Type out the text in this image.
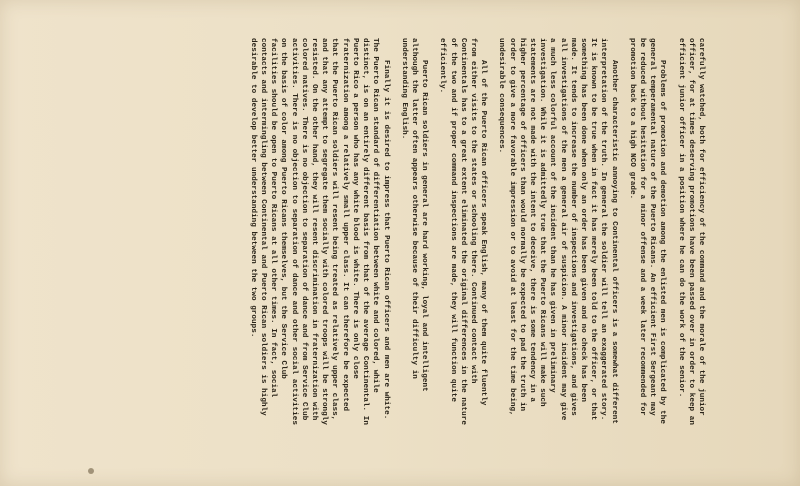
carefully watched, both for efficiency of the command and the morale of the junior officer, for at times deserving promotions have been passed over in order to keep an efficient junior officer in a position where he can do the work of the senior.

Problems of promotion and demotion among the enlisted men is complicated by the general temperamental nature of the Puerto Ricans. An efficient First Sergeant may be reduced without hesitation for a minor offense and a week later recommended for promotion back to a high NCO grade.

Another characteristic annoying to Continental officers is a somewhat different interpretation of the truth. In general the soldier will tell an exaggerated story. It is known to be true when in fact it has merely been told to the officer, or that something has been done when only an order has been given and no check has been made. It tends to increase the number of inspections and investigations, and gives all investigations of the men a general air of suspicion. A minor incident may give a much less colorful account of the incident than he has given in preliminary investigation. While it is admittedly true that the Puerto Ricans will make such statements are not made with the intent to deceive, there is some tendency in a higher percentage of officers than would normally be expected to pad the truth in order to give a more favorable impression or to avoid at least for the time being, undesirable consequences.

All of the Puerto Rican officers speak English, many of them quite fluently from either visits to the states or schooling there. Continued contact with Continentals has to a great extent eliminated the original differences in the nature of the two and if proper command inspections are made, they will function quite efficiently.

Puerto Rican soldiers in general are hard working, loyal and intelligent although the latter often appears otherwise because of their difficulty in understanding English.

Finally it is desired to impress that Puerto Rican officers and men are white. The Puerto Rican standard of differentiation between white and colored, while distinct, is on an entirely different basis from that of the average Continental. In Puerto Rico a person who has any white blood is white. There is only close fraternization among a relatively small upper class. It can therefore be expected that the Puerto Rican soldiers will resent being treated as relatively upper class, and that any attempt to segregate them socially with colored troops will be strongly resisted. On the other hand, they will resent discrimination in fraternization with colored natives. There is no objection to separation of dance and from Service Club activities. There is no objection to separation of dance and other social activities on the basis of color among Puerto Ricans themselves, but the Service Club facilities should be open to Puerto Ricans at all other times. In fact, social contacts and intermingling between Continental and Puerto Rican soldiers is highly desirable to develop better understanding between the two groups.
